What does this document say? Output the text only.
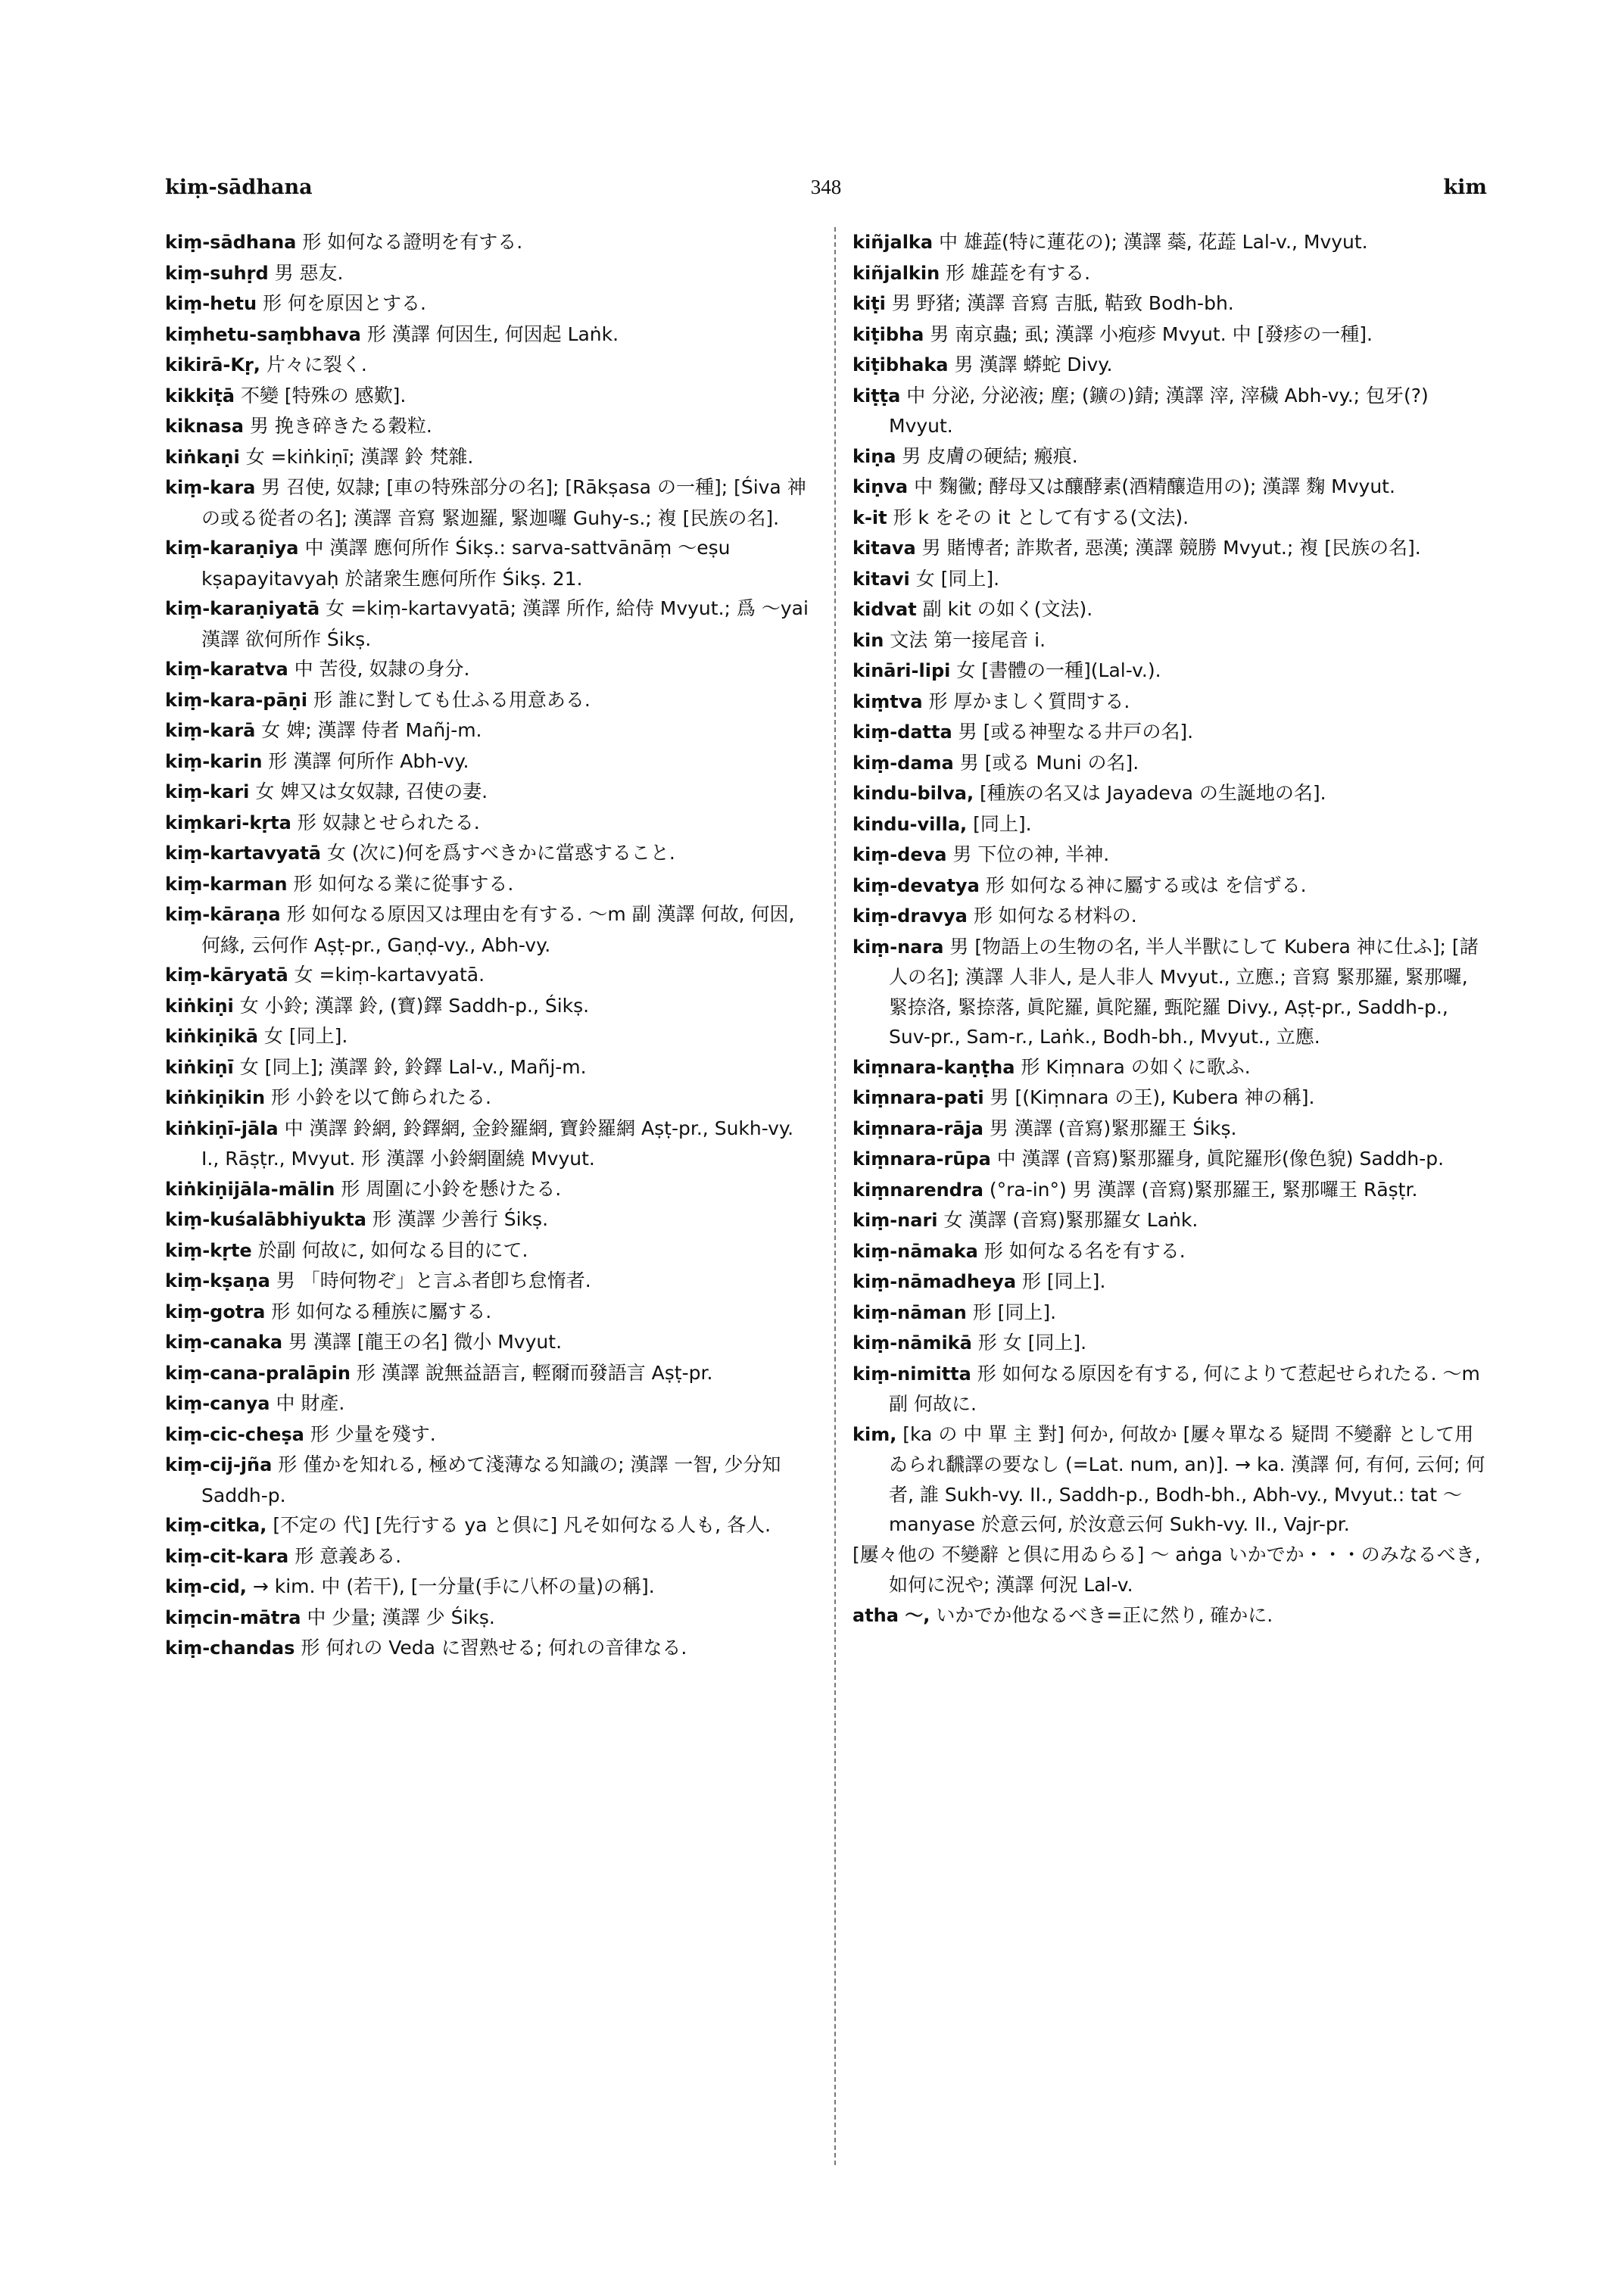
348
kiṃ-sādhana	kim

kiṃ-sādhana 形 如何なる證明を有する.

kiṃ-suhṛd 男 惡友.

kiṃ-hetu 形 何を原因とする.

kiṃhetu-saṃbhava 形 漢譯 何因生, 何因起 Laṅk.

kikirā-Kṛ, 片々に裂く.

kikkiṭā 不變 [特殊の 感歎].

kiknasa 男 挽き碎きたる穀粒.

kiṅkaṇi 女 =kiṅkiṇī; 漢譯 鈴 梵雜.

kiṃ-kara 男 召使, 奴隷; [車の特殊部分の名]; [Rākṣasa の一種]; [Śiva 神の或る從者の名]; 漢譯 音寫 緊迦羅, 緊迦囉 Guhy-s.; 複 [民族の名].

kiṃ-karaṇiya 中 漢譯 應何所作 Śikṣ.: sarva-sattvānāṃ 〜eṣu kṣapayitavyaḥ 於諸衆生應何所作 Śikṣ. 21.

kiṃ-karaṇiyatā 女 =kiṃ-kartavyatā; 漢譯 所作, 給侍 Mvyut.; 爲 〜yai 漢譯 欲何所作 Śikṣ.

kiṃ-karatva 中 苦役, 奴隷の身分.

kiṃ-kara-pāṇi 形 誰に對しても仕ふる用意ある.

kiṃ-karā 女 婢; 漢譯 侍者 Mañj-m.

kiṃ-karin 形 漢譯 何所作 Abh-vy.

kiṃ-kari 女 婢又は女奴隷, 召使の妻.

kiṃkari-kṛta 形 奴隷とせられたる.

kiṃ-kartavyatā 女 (次に)何を爲すべきかに當惑すること.

kiṃ-karman 形 如何なる業に從事する.

kiṃ-kāraṇa 形 如何なる原因又は理由を有する. 〜m 副 漢譯 何故, 何因, 何緣, 云何作 Aṣṭ-pr., Gaṇḍ-vy., Abh-vy.

kiṃ-kāryatā 女 =kiṃ-kartavyatā.

kiṅkiṇi 女 小鈴; 漢譯 鈴, (寶)鐸 Saddh-p., Śikṣ.

kiṅkiṇikā 女 [同上].

kiṅkiṇī 女 [同上]; 漢譯 鈴, 鈴鐸 Lal-v., Mañj-m.

kiṅkiṇikin 形 小鈴を以て飾られたる.

kiṅkiṇī-jāla 中 漢譯 鈴網, 鈴鐸網, 金鈴羅網, 寶鈴羅網 Aṣṭ-pr., Sukh-vy. I., Rāṣṭr., Mvyut. 形 漢譯 小鈴網圍繞 Mvyut.

kiṅkiṇijāla-mālin 形 周圍に小鈴を懸けたる.

kiṃ-kuśalābhiyukta 形 漢譯 少善行 Śikṣ.

kiṃ-kṛte 於副 何故に, 如何なる目的にて.

kiṃ-kṣaṇa 男 「時何物ぞ」と言ふ者卽ち怠惰者.

kiṃ-gotra 形 如何なる種族に屬する.

kiṃ-canaka 男 漢譯 [龍王の名] 微小 Mvyut.

kiṃ-cana-pralāpin 形 漢譯 說無益語言, 輕爾而發語言 Aṣṭ-pr.

kiṃ-canya 中 財產.

kiṃ-cic-cheṣa 形 少量を殘す.

kiṃ-cij-jña 形 僅かを知れる, 極めて淺薄なる知識の; 漢譯 一智, 少分知 Saddh-p.

kiṃ-citka, [不定の 代] [先行する ya と倶に] 凡そ如何なる人も, 各人.

kiṃ-cit-kara 形 意義ある.

kiṃ-cid, → kim. 中 (若干), [一分量(手に八杯の量)の稱].

kiṃcin-mātra 中 少量; 漢譯 少 Śikṣ.

kiṃ-chandas 形 何れの Veda に習熟せる; 何れの音律なる.

kiñjalka 中 雄蕋(特に蓮花の); 漢譯 蘂, 花蕋 Lal-v., Mvyut.

kiñjalkin 形 雄蕋を有する.

kiṭi 男 野猪; 漢譯 音寫 吉胝, 鞊致 Bodh-bh.

kiṭibha 男 南京蟲; 虱; 漢譯 小疱疹 Mvyut. 中 [發疹の一種].

kiṭibhaka 男 漢譯 蟒蛇 Divy.

kiṭṭa 中 分泌, 分泌液; 塵; (鑛の)錆; 漢譯 滓, 滓穢 Abh-vy.; 包牙(?) Mvyut.

kiṇa 男 皮膚の硬結; 瘢痕.

kiṇva 中 麴黴; 酵母又は釀酵素(酒精釀造用の); 漢譯 麴 Mvyut.

k-it 形 k をその it として有する(文法).

kitava 男 賭博者; 詐欺者, 惡漢; 漢譯 競勝 Mvyut.; 複 [民族の名].

kitavi 女 [同上].

kidvat 副 kit の如く(文法).

kin 文法 第一接尾音 i.

kināri-lipi 女 [書體の一種](Lal-v.).

kiṃtva 形 厚かましく質問する.

kiṃ-datta 男 [或る神聖なる井戸の名].

kiṃ-dama 男 [或る Muni の名].

kindu-bilva, [種族の名又は Jayadeva の生誕地の名].

kindu-villa, [同上].

kiṃ-deva 男 下位の神, 半神.

kiṃ-devatya 形 如何なる神に屬する或は を信ずる.

kiṃ-dravya 形 如何なる材料の.

kiṃ-nara 男 [物語上の生物の名, 半人半獸にして Kubera 神に仕ふ]; [諸人の名]; 漢譯 人非人, 是人非人 Mvyut., 立應.; 音寫 緊那羅, 緊那囉, 緊捺洛, 緊捺落, 眞陀羅, 眞陀羅, 甄陀羅 Divy., Aṣṭ-pr., Saddh-p., Suv-pr., Sam-r., Laṅk., Bodh-bh., Mvyut., 立應.

kiṃnara-kaṇṭha 形 Kiṃnara の如くに歌ふ.

kiṃnara-pati 男 [(Kiṃnara の王), Kubera 神の稱].

kiṃnara-rāja 男 漢譯 (音寫)緊那羅王 Śikṣ.

kiṃnara-rūpa 中 漢譯 (音寫)緊那羅身, 眞陀羅形(像色貌) Saddh-p.

kiṃnarendra (°ra-in°) 男 漢譯 (音寫)緊那羅王, 緊那囉王 Rāṣṭr.

kiṃ-nari 女 漢譯 (音寫)緊那羅女 Laṅk.

kiṃ-nāmaka 形 如何なる名を有する.

kiṃ-nāmadheya 形 [同上].

kiṃ-nāman 形 [同上].

kiṃ-nāmikā 形 女 [同上].

kiṃ-nimitta 形 如何なる原因を有する, 何によりて惹起せられたる. 〜m 副 何故に.

kim, [ka の 中 單 主 對] 何か, 何故か [屢々單なる 疑問 不變辭 として用ゐられ飜譯の要なし (=Lat. num, an)]. → ka. 漢譯 何, 有何, 云何; 何者, 誰 Sukh-vy. II., Saddh-p., Bodh-bh., Abh-vy., Mvyut.: tat 〜 manyase 於意云何, 於汝意云何 Sukh-vy. II., Vajr-pr.

[屢々他の 不變辭 と倶に用ゐらる] 〜 aṅga いかでか・・・のみなるべき, 如何に況や; 漢譯 何況 Lal-v.

atha 〜, いかでか他なるべき=正に然り, 確かに.
